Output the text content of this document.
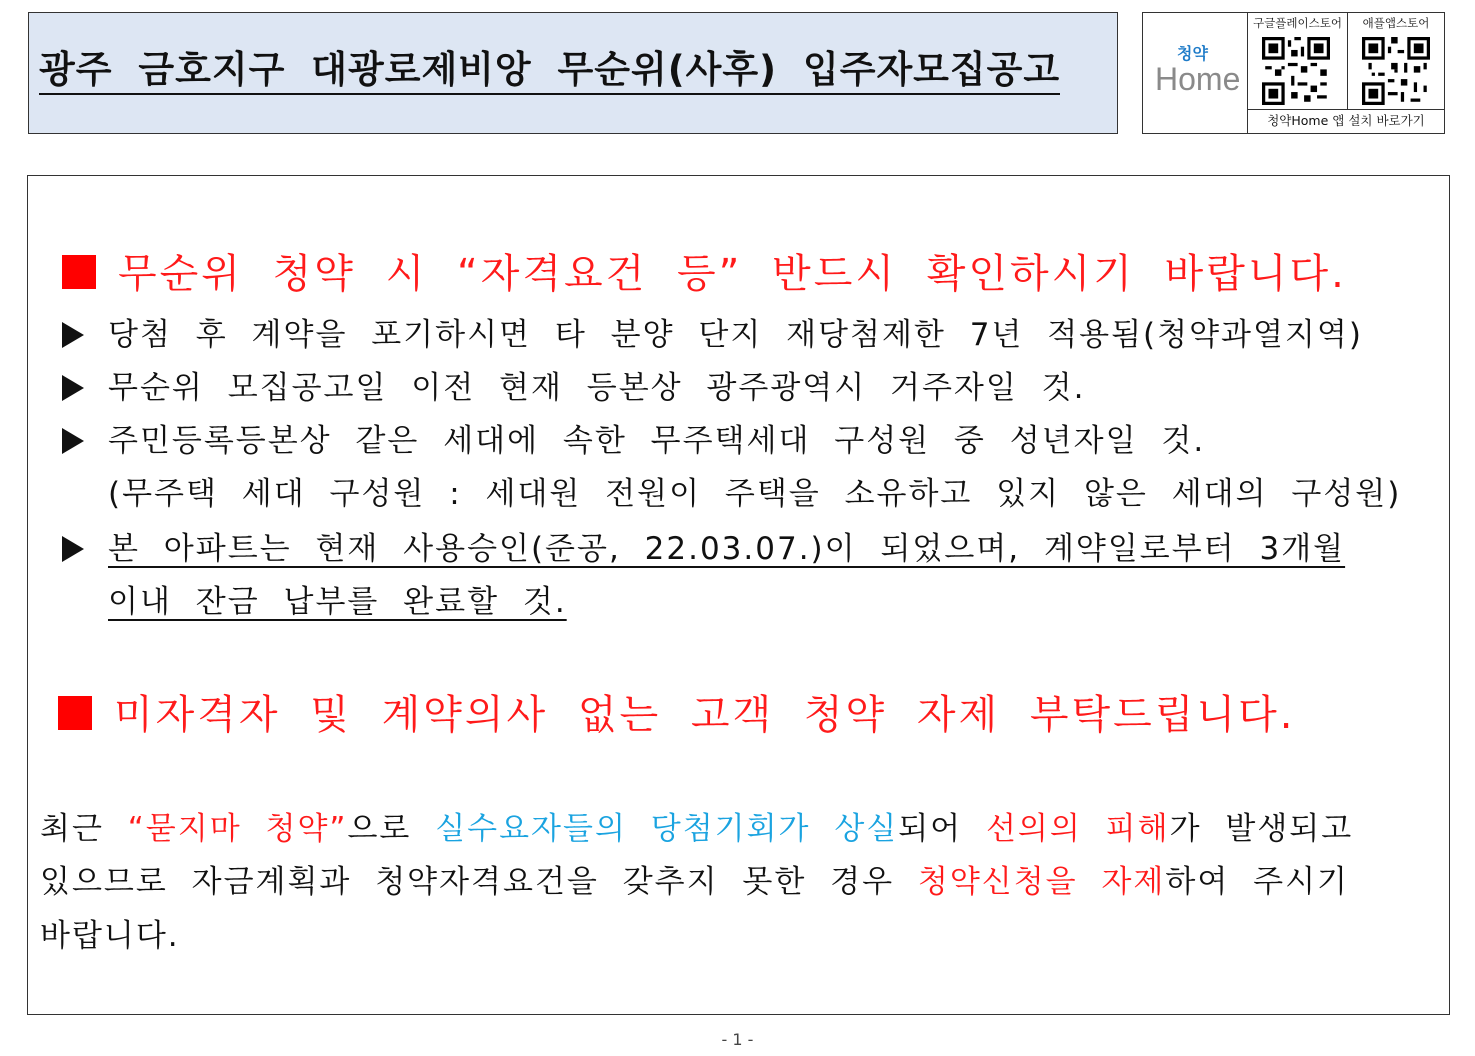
광주 금호지구 대광로제비앙 무순위(사후) 입주자모집공고	청약
Home
구글플레이스토어	애플앱스토어
청약Home 앱 설치 바로가기
무순위 청약 시 “자격요건 등” 반드시 확인하시기 바랍니다.
당첨 후 계약을 포기하시면 타 분양 단지 재당첨제한 7년 적용됨(청약과열지역)
무순위 모집공고일 이전 현재 등본상 광주광역시 거주자일 것.
주민등록등본상 같은 세대에 속한 무주택세대 구성원 중 성년자일 것.
(무주택 세대 구성원 : 세대원 전원이 주택을 소유하고 있지 않은 세대의 구성원)
본 아파트는 현재 사용승인(준공, 22.03.07.)이 되었으며, 계약일로부터 3개월
이내 잔금 납부를 완료할 것.
미자격자 및 계약의사 없는 고객 청약 자제 부탁드립니다.
최근 “묻지마 청약”으로 실수요자들의 당첨기회가 상실되어 선의의 피해가 발생되고
있으므로 자금계획과 청약자격요건을 갖추지 못한 경우 청약신청을 자제하여 주시기
바랍니다.
- 1 -
